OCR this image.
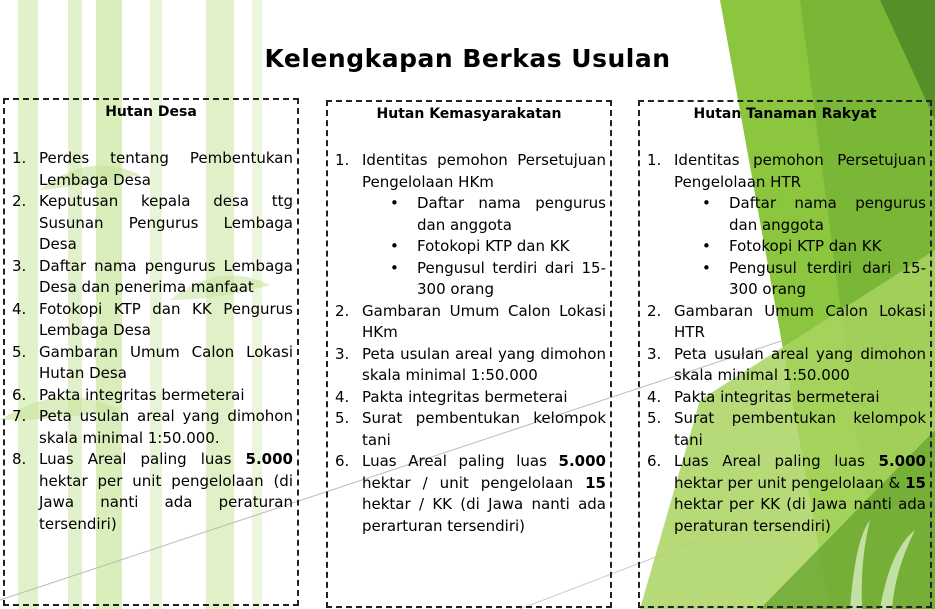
Kelengkapan Berkas Usulan
Hutan Desa
1. Perdes tentang Pembentukan Lembaga Desa
2. Keputusan kepala desa ttg Susunan Pengurus Lembaga Desa
3. Daftar nama pengurus Lembaga Desa dan penerima manfaat
4. Fotokopi KTP dan KK Pengurus Lembaga Desa
5. Gambaran Umum Calon Lokasi Hutan Desa
6. Pakta integritas bermeterai
7. Peta usulan areal yang dimohon skala minimal 1:50.000.
8. Luas Areal paling luas 5.000 hektar per unit pengelolaan (di Jawa nanti ada peraturan tersendiri)
Hutan Kemasyarakatan
1. Identitas pemohon Persetujuan Pengelolaan HKm
• Daftar nama pengurus dan anggota
• Fotokopi KTP dan KK
• Pengusul terdiri dari 15-300 orang
2. Gambaran Umum Calon Lokasi HKm
3. Peta usulan areal yang dimohon skala minimal 1:50.000
4. Pakta integritas bermeterai
5. Surat pembentukan kelompok tani
6. Luas Areal paling luas 5.000 hektar / unit pengelolaan 15 hektar / KK (di Jawa nanti ada perarturan tersendiri)
Hutan Tanaman Rakyat
1. Identitas pemohon Persetujuan Pengelolaan HTR
• Daftar nama pengurus dan anggota
• Fotokopi KTP dan KK
• Pengusul terdiri dari 15-300 orang
2. Gambaran Umum Calon Lokasi HTR
3. Peta usulan areal yang dimohon skala minimal 1:50.000
4. Pakta integritas bermeterai
5. Surat pembentukan kelompok tani
6. Luas Areal paling luas 5.000 hektar per unit pengelolaan & 15 hektar per KK (di Jawa nanti ada peraturan tersendiri)
